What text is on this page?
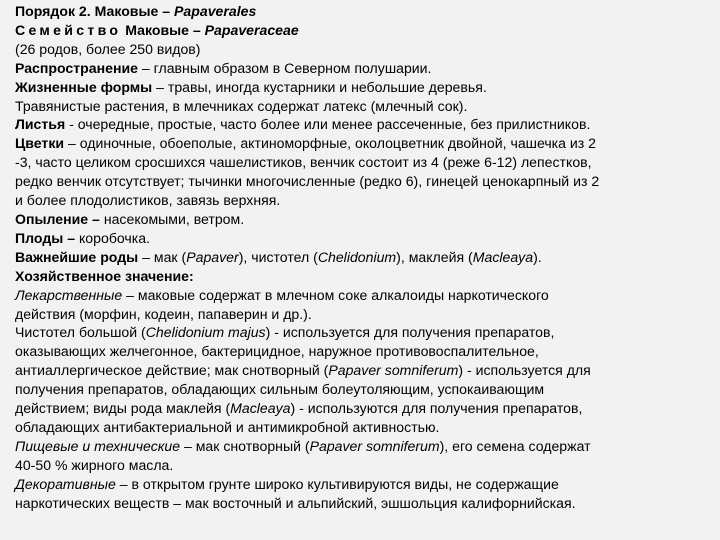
Порядок 2. Маковые – Papaverales
Семейство Маковые – Papaveraceae
(26 родов, более 250 видов)
Распространение – главным образом в Северном полушарии.
Жизненные формы – травы, иногда кустарники и небольшие деревья.
Травянистые растения, в млечниках содержат латекс (млечный сок).
Листья - очередные, простые, часто более или менее рассеченные, без прилистников.
Цветки – одиночные, обоеполые, актиноморфные, околоцветник двойной, чашечка из 2
-3, часто целиком сросшихся чашелистиков, венчик состоит из 4 (реже 6-12) лепестков,
редко венчик отсутствует; тычинки многочисленные (редко 6), гинецей ценокарпный из 2
и более плодолистиков, завязь верхняя.
Опыление – насекомыми, ветром.
Плоды – коробочка.
Важнейшие роды – мак (Papaver), чистотел (Chelidonium), маклейя (Macleaya).
Хозяйственное значение:
Лекарственные – маковые содержат в млечном соке алкалоиды наркотического
действия (морфин, кодеин, папаверин и др.).
Чистотел большой (Chelidonium majus) - используется для получения препаратов,
оказывающих желчегонное, бактерицидное, наружное противовоспалительное,
антиаллергическое действие; мак снотворный (Papaver somniferum) - используется для
получения препаратов, обладающих сильным болеутоляющим, успокаивающим
действием; виды рода маклейя (Macleaya) - используются для получения препаратов,
обладающих антибактериальной и антимикробной активностью.
Пищевые и технические – мак снотворный (Papaver somniferum), его семена содержат
40-50 % жирного масла.
Декоративные – в открытом грунте широко культивируются виды, не содержащие
наркотических веществ – мак восточный и альпийский, эшшольция калифорнийская.
